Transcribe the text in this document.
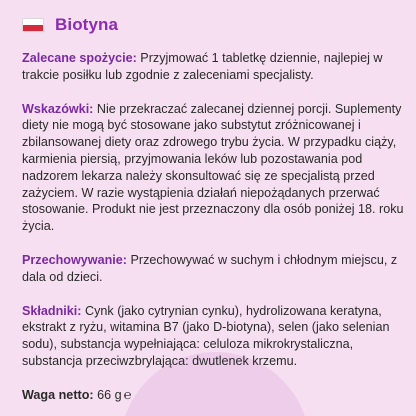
Biotyna

Zalecane spożycie: Przyjmować 1 tabletkę dziennie, najlepiej w trakcie posiłku lub zgodnie z zaleceniami specjalisty.

Wskazówki: Nie przekraczać zalecanej dziennej porcji. Suplementy diety nie mogą być stosowane jako substytut zróżnicowanej i zbilansowanej diety oraz zdrowego trybu życia. W przypadku ciąży, karmienia piersią, przyjmowania leków lub pozostawania pod nadzorem lekarza należy skonsultować się ze specjalistą przed zażyciem. W razie wystąpienia działań niepożądanych przerwać stosowanie. Produkt nie jest przeznaczony dla osób poniżej 18. roku życia.

Przechowywanie: Przechowywać w suchym i chłodnym miejscu, z dala od dzieci.

Składniki: Cynk (jako cytrynian cynku), hydrolizowana keratyna, ekstrakt z ryżu, witamina B7 (jako D-biotyna), selen (jako selenian sodu), substancja wypełniająca: celuloza mikrokrystaliczna, substancja przeciwzbrylająca: dwutlenek krzemu.

Waga netto: 66 g ℮
